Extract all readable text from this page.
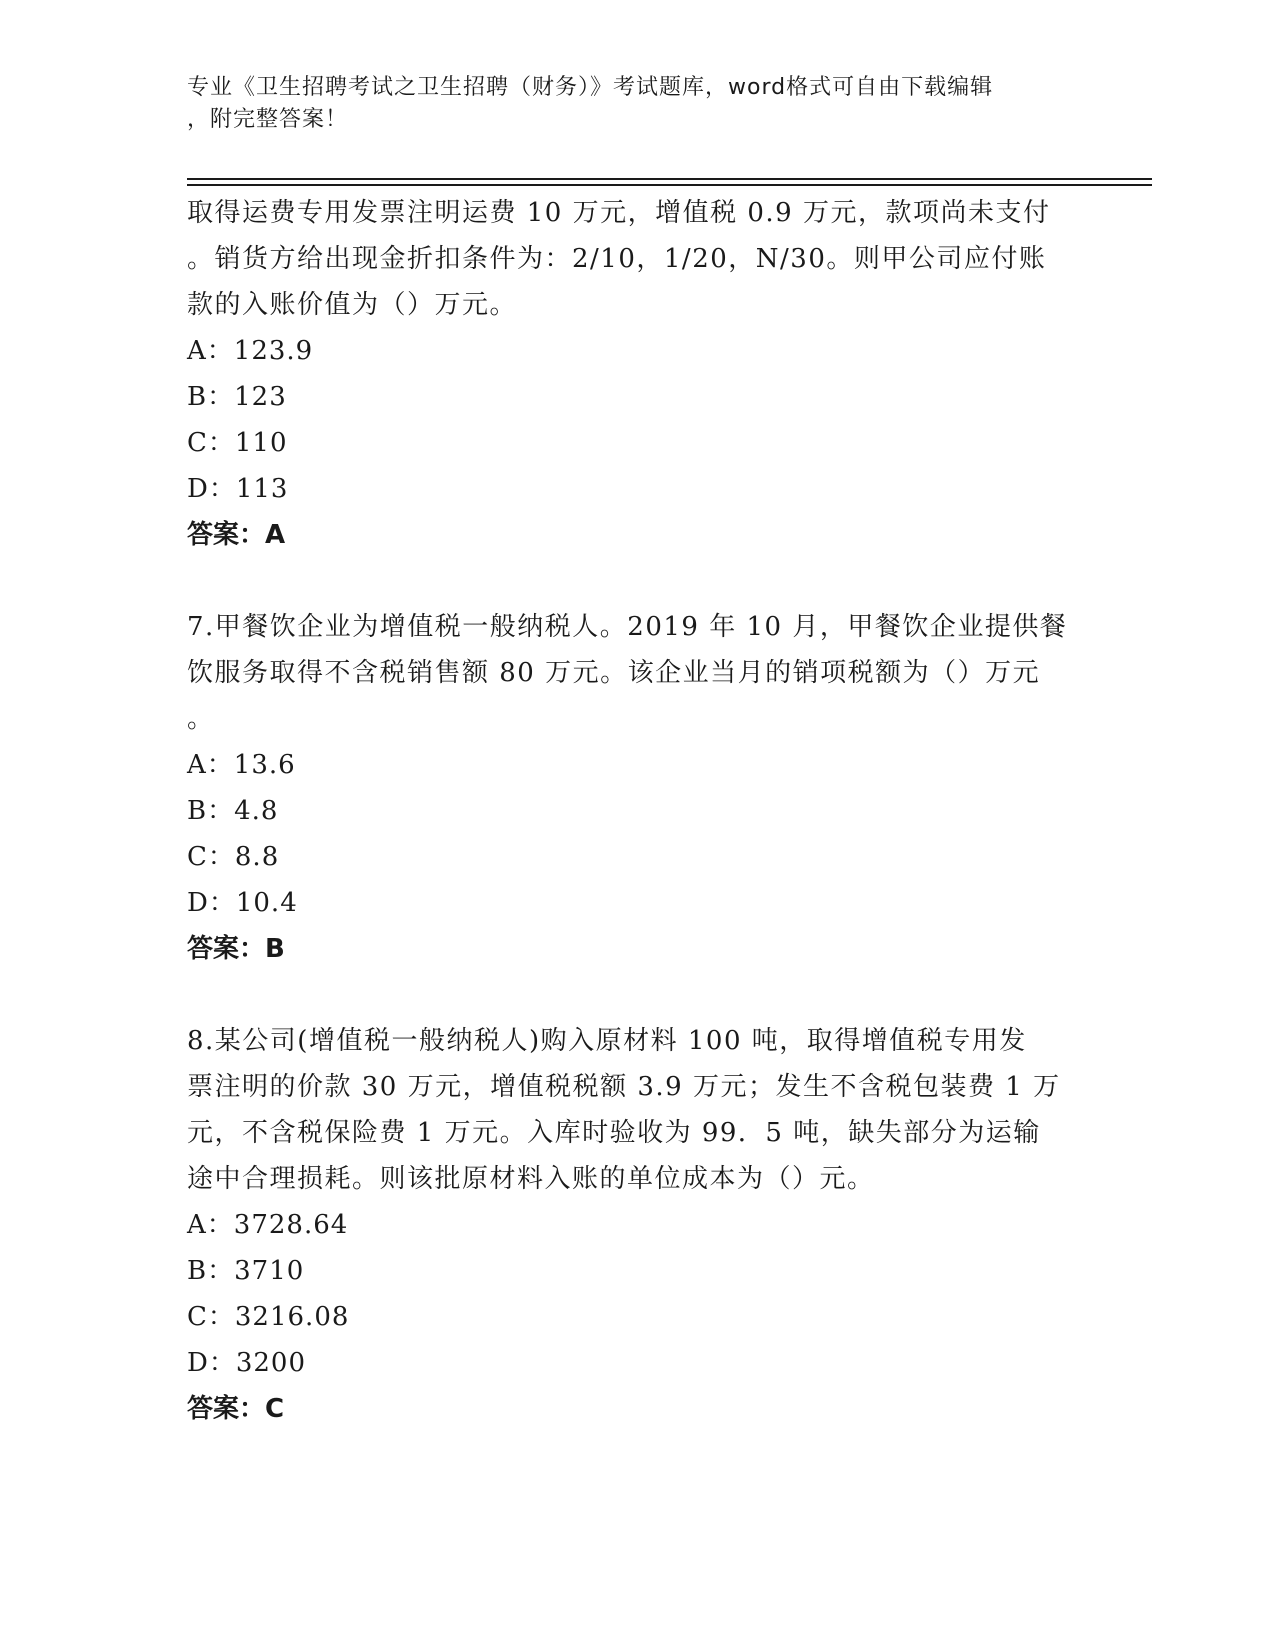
专业《卫生招聘考试之卫生招聘（财务）》考试题库，word格式可自由下载编辑
，附完整答案！

取得运费专用发票注明运费 10 万元，增值税 0.9 万元，款项尚未支付

。销货方给出现金折扣条件为：2/10，1/20，N/30。则甲公司应付账

款的入账价值为（）万元。

A：123.9

B：123

C：110

D：113

答案：A

7.甲餐饮企业为增值税一般纳税人。2019 年 10 月，甲餐饮企业提供餐

饮服务取得不含税销售额 80 万元。该企业当月的销项税额为（）万元

。

A：13.6

B：4.8

C：8.8

D：10.4

答案：B

8.某公司(增值税一般纳税人)购入原材料 100 吨，取得增值税专用发

票注明的价款 30 万元，增值税税额 3.9 万元；发生不含税包装费 1 万

元，不含税保险费 1 万元。入库时验收为 99．5 吨，缺失部分为运输

途中合理损耗。则该批原材料入账的单位成本为（）元。

A：3728.64

B：3710

C：3216.08

D：3200

答案：C
